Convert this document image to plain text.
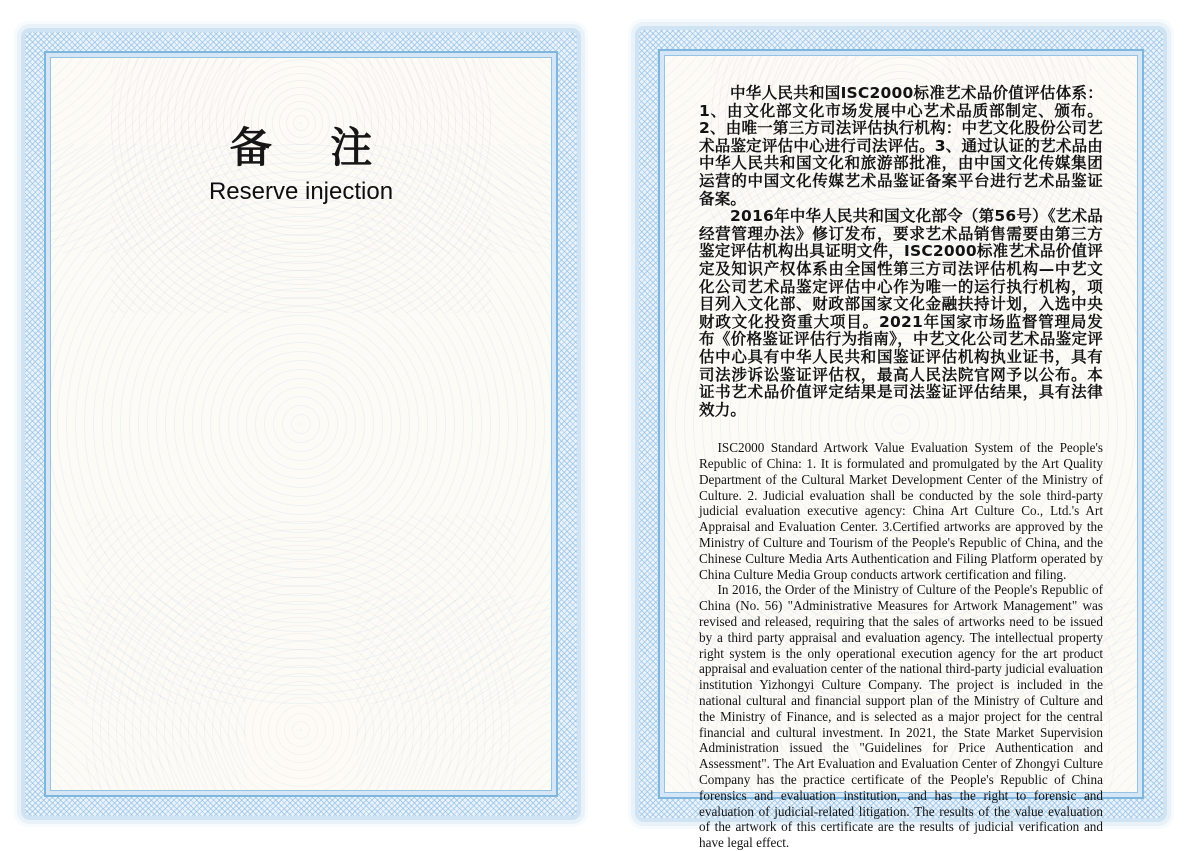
备 注
Reserve injection

中华人民共和国ISC2000标准艺术品价值评估体系：1、由文化部文化市场发展中心艺术品质部制定、颁布。2、由唯一第三方司法评估执行机构：中艺文化股份公司艺术品鉴定评估中心进行司法评估。3、通过认证的艺术品由中华人民共和国文化和旅游部批准，由中国文化传媒集团运营的中国文化传媒艺术品鉴证备案平台进行艺术品鉴证备案。

2016年中华人民共和国文化部令（第56号）《艺术品经营管理办法》修订发布，要求艺术品销售需要由第三方鉴定评估机构出具证明文件，ISC2000标准艺术品价值评定及知识产权体系由全国性第三方司法评估机构—中艺文化公司艺术品鉴定评估中心作为唯一的运行执行机构，项目列入文化部、财政部国家文化金融扶持计划，入选中央财政文化投资重大项目。2021年国家市场监督管理局发布《价格鉴证评估行为指南》，中艺文化公司艺术品鉴定评估中心具有中华人民共和国鉴证评估机构执业证书，具有司法涉诉讼鉴证评估权，最高人民法院官网予以公布。本证书艺术品价值评定结果是司法鉴证评估结果，具有法律效力。

ISC2000 Standard Artwork Value Evaluation System of the People's Republic of China: 1. It is formulated and promulgated by the Art Quality Department of the Cultural Market Development Center of the Ministry of Culture. 2. Judicial evaluation shall be conducted by the sole third-party judicial evaluation executive agency: China Art Culture Co., Ltd.'s Art Appraisal and Evaluation Center. 3.Certified artworks are approved by the Ministry of Culture and Tourism of the People's Republic of China, and the Chinese Culture Media Arts Authentication and Filing Platform operated by China Culture Media Group conducts artwork certification and filing.

In 2016, the Order of the Ministry of Culture of the People's Republic of China (No. 56) "Administrative Measures for Artwork Management" was revised and released, requiring that the sales of artworks need to be issued by a third party appraisal and evaluation agency. The intellectual property right system is the only operational execution agency for the art product appraisal and evaluation center of the national third-party judicial evaluation institution Yizhongyi Culture Company. The project is included in the national cultural and financial support plan of the Ministry of Culture and the Ministry of Finance, and is selected as a major project for the central financial and cultural investment. In 2021, the State Market Supervision Administration issued the "Guidelines for Price Authentication and Assessment". The Art Evaluation and Evaluation Center of Zhongyi Culture Company has the practice certificate of the People's Republic of China forensics and evaluation institution, and has the right to forensic and evaluation of judicial-related litigation. The results of the value evaluation of the artwork of this certificate are the results of judicial verification and have legal effect.
